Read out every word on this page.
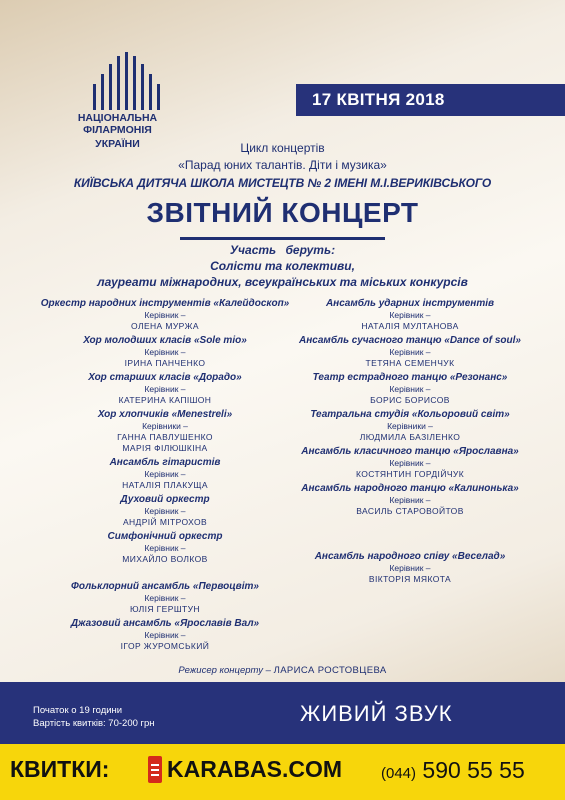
НАЦІОНАЛЬНА ФІЛАРМОНІЯ
УКРАЇНИ
17 КВІТНЯ 2018
Цикл концертів
«Парад юних талантів. Діти і музика»
КИЇВСЬКА ДИТЯЧА ШКОЛА МИСТЕЦТВ № 2 ІМЕНІ М.І.ВЕРИКІВСЬКОГО
ЗВІТНИЙ КОНЦЕРТ
Участь беруть:
Солісти та колективи,
лауреати міжнародних, всеукраїнських та міських конкурсів
Оркестр народних інструментів «Калейдоскоп»
Керівник –
ОЛЕНА МУРЖА
Хор молодших класів «Sole mio»
Керівник –
ІРИНА ПАНЧЕНКО
Хор старших класів «Дорадо»
Керівник –
КАТЕРИНА КАПІШОН
Хор хлопчиків «Menestreli»
Керівники –
ГАННА ПАВЛУШЕНКО
МАРІЯ ФІЛЮШКІНА
Ансамбль гітаристів
Керівник –
НАТАЛІЯ ПЛАКУЩА
Духовий оркестр
Керівник –
АНДРІЙ МІТРОХОВ
Симфонічний оркестр
Керівник –
МИХАЙЛО ВОЛКОВ
Фольклорний ансамбль «Первоцвіт»
Керівник –
ЮЛІЯ ГЕРШТУН
Джазовий ансамбль «Ярославів Вал»
Керівник –
ІГОР ЖУРОМСЬКИЙ
Ансамбль ударних інструментів
Керівник –
НАТАЛІЯ МУЛТАНОВА
Ансамбль сучасного танцю «Dance of soul»
Керівник –
ТЕТЯНА СЕМЕНЧУК
Театр естрадного танцю «Резонанс»
Керівник –
БОРИС БОРИСОВ
Театральна студія «Кольоровий світ»
Керівники –
ЛЮДМИЛА БАЗІЛЕНКО
Ансамбль класичного танцю «Ярославна»
Керівник –
КОСТЯНТИН ГОРДІЙЧУК
Ансамбль народного танцю «Калинонька»
Керівник –
ВАСИЛЬ СТАРОВОЙТОВ
Ансамбль народного співу «Веселад»
Керівник –
ВІКТОРІЯ МЯКОТА
Режисер концерту – ЛАРИСА РОСТОВЦЕВА
Початок о 19 години
Вартість квитків: 70-200 грн	ЖИВИЙ ЗВУК
КВИТКИ:	KARABAS.COM	(044) 590 55 55
